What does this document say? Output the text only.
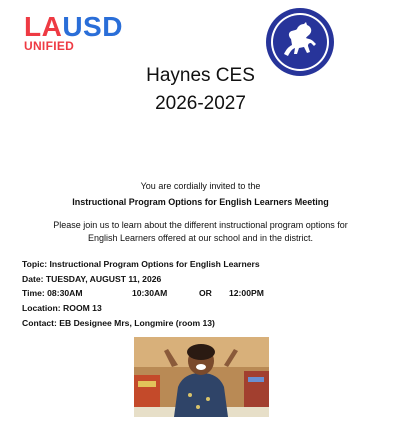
LAUSD
UNIFIED
Haynes CES
2026-2027
You are cordially invited to the
Instructional Program Options for English Learners Meeting
Please join us to learn about the different instructional program options for
English Learners offered at our school and in the district.
Topic: Instructional Program Options for English Learners
Date: TUESDAY, AUGUST 11, 2026
Time: 08:30AM	10:30AM	OR 12:00PM
Location: ROOM 13
Contact: EB Designee Mrs, Longmire (room 13)
